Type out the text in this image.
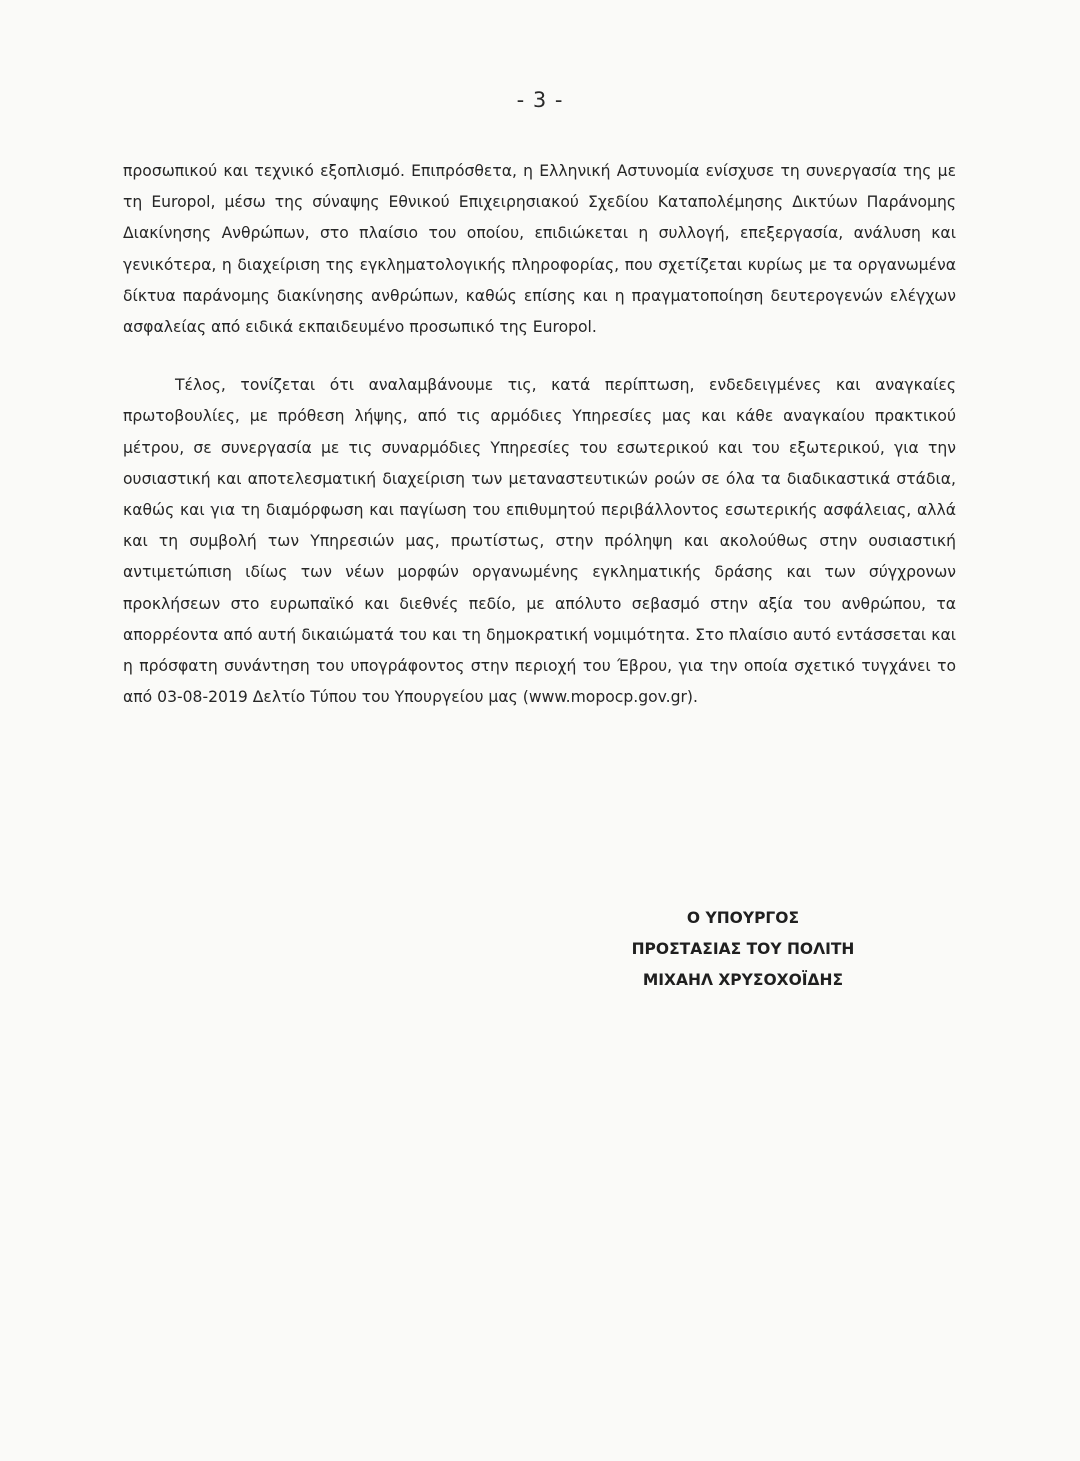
- 3 -

προσωπικού και τεχνικό εξοπλισμό. Επιπρόσθετα, η Ελληνική Αστυνομία ενίσχυσε τη συνεργασία της με τη Europol, μέσω της σύναψης Εθνικού Επιχειρησιακού Σχεδίου Καταπολέμησης Δικτύων Παράνομης Διακίνησης Ανθρώπων, στο πλαίσιο του οποίου, επιδιώκεται η συλλογή, επεξεργασία, ανάλυση και γενικότερα, η διαχείριση της εγκληματολογικής πληροφορίας, που σχετίζεται κυρίως με τα οργανωμένα δίκτυα παράνομης διακίνησης ανθρώπων, καθώς επίσης και η πραγματοποίηση δευτερογενών ελέγχων ασφαλείας από ειδικά εκπαιδευμένο προσωπικό της Europol.

Τέλος, τονίζεται ότι αναλαμβάνουμε τις, κατά περίπτωση, ενδεδειγμένες και αναγκαίες πρωτοβουλίες, με πρόθεση λήψης, από τις αρμόδιες Υπηρεσίες μας και κάθε αναγκαίου πρακτικού μέτρου, σε συνεργασία με τις συναρμόδιες Υπηρεσίες του εσωτερικού και του εξωτερικού, για την ουσιαστική και αποτελεσματική διαχείριση των μεταναστευτικών ροών σε όλα τα διαδικαστικά στάδια, καθώς και για τη διαμόρφωση και παγίωση του επιθυμητού περιβάλλοντος εσωτερικής ασφάλειας, αλλά και τη συμβολή των Υπηρεσιών μας, πρωτίστως, στην πρόληψη και ακολούθως στην ουσιαστική αντιμετώπιση ιδίως των νέων μορφών οργανωμένης εγκληματικής δράσης και των σύγχρονων προκλήσεων στο ευρωπαϊκό και διεθνές πεδίο, με απόλυτο σεβασμό στην αξία του ανθρώπου, τα απορρέοντα από αυτή δικαιώματά του και τη δημοκρατική νομιμότητα. Στο πλαίσιο αυτό εντάσσεται και η πρόσφατη συνάντηση του υπογράφοντος στην περιοχή του Έβρου, για την οποία σχετικό τυγχάνει το από 03-08-2019 Δελτίο Τύπου του Υπουργείου μας (www.mopocp.gov.gr).

Ο ΥΠΟΥΡΓΟΣ
ΠΡΟΣΤΑΣΙΑΣ ΤΟΥ ΠΟΛΙΤΗ
ΜΙΧΑΗΛ ΧΡΥΣΟΧΟΪΔΗΣ
